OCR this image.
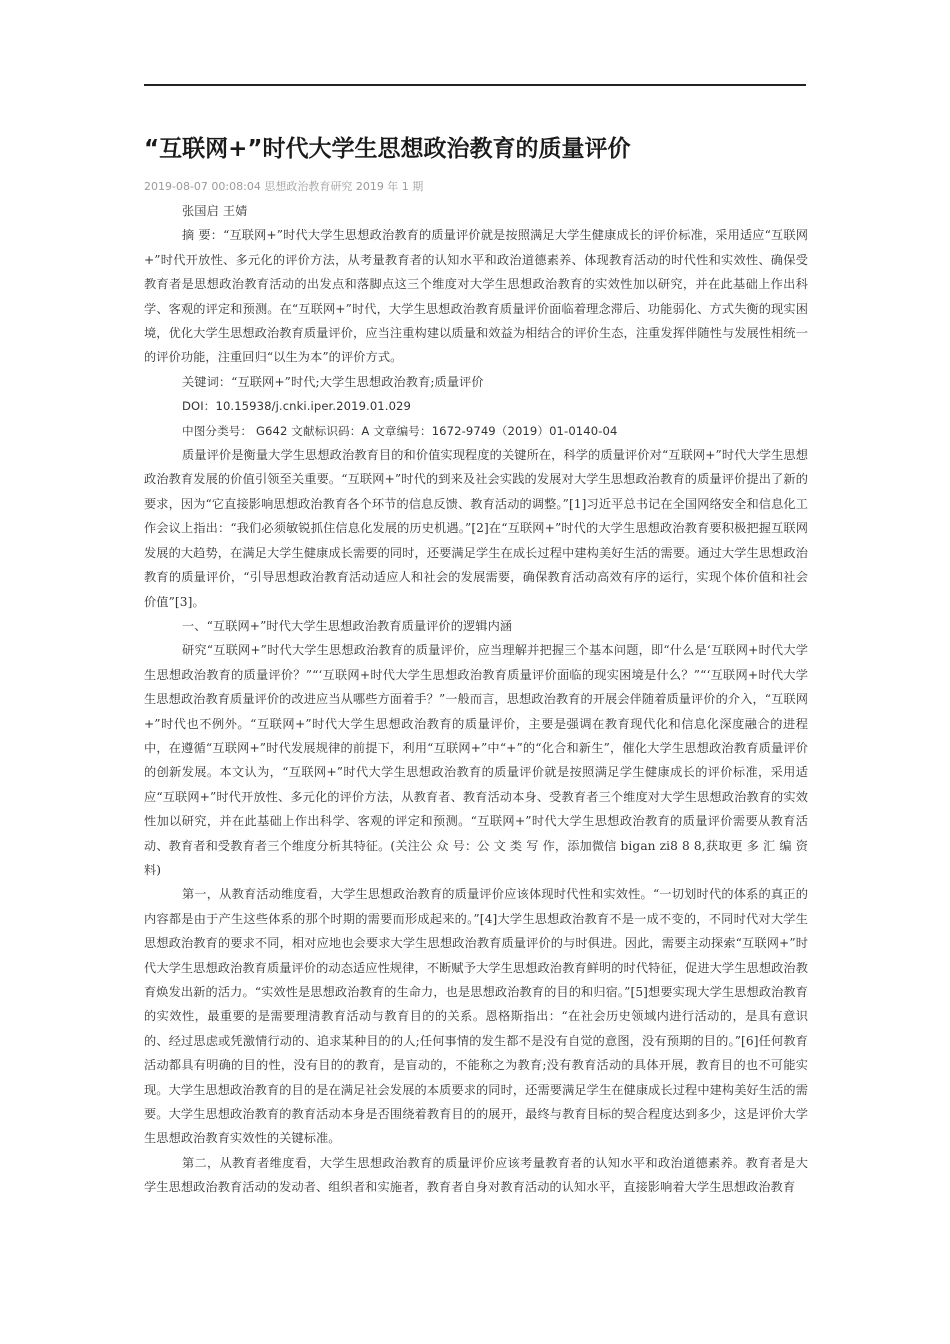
“互联网+”时代大学生思想政治教育的质量评价
2019-08-07 00:08:04 思想政治教育研究 2019 年 1 期

张国启 王婧

摘 要：“互联网+”时代大学生思想政治教育的质量评价就是按照满足大学生健康成长的评价标准，采用适应“互联网+”时代开放性、多元化的评价方法，从考量教育者的认知水平和政治道德素养、体现教育活动的时代性和实效性、确保受教育者是思想政治教育活动的出发点和落脚点这三个维度对大学生思想政治教育的实效性加以研究，并在此基础上作出科学、客观的评定和预测。在“互联网+”时代，大学生思想政治教育质量评价面临着理念滞后、功能弱化、方式失衡的现实困境，优化大学生思想政治教育质量评价，应当注重构建以质量和效益为相结合的评价生态，注重发挥伴随性与发展性相统一的评价功能，注重回归“以生为本”的评价方式。

关键词：“互联网+”时代;大学生思想政治教育;质量评价

DOI：10.15938/j.cnki.iper.2019.01.029

中图分类号： G642 文献标识码：A 文章编号：1672-9749（2019）01-0140-04

质量评价是衡量大学生思想政治教育目的和价值实现程度的关键所在，科学的质量评价对“互联网+”时代大学生思想政治教育发展的价值引领至关重要。“互联网+”时代的到来及社会实践的发展对大学生思想政治教育的质量评价提出了新的要求，因为“它直接影响思想政治教育各个环节的信息反馈、教育活动的调整。”[1]习近平总书记在全国网络安全和信息化工作会议上指出：“我们必须敏锐抓住信息化发展的历史机遇。”[2]在“互联网+”时代的大学生思想政治教育要积极把握互联网发展的大趋势，在满足大学生健康成长需要的同时，还要满足学生在成长过程中建构美好生活的需要。通过大学生思想政治教育的质量评价，“引导思想政治教育活动适应人和社会的发展需要，确保教育活动高效有序的运行，实现个体价值和社会价值”[3]。

一、“互联网+”时代大学生思想政治教育质量评价的逻辑内涵

研究“互联网+”时代大学生思想政治教育的质量评价，应当理解并把握三个基本问题，即“什么是‘互联网+时代大学生思想政治教育的质量评价？”“‘互联网+时代大学生思想政治教育质量评价面临的现实困境是什么？”“‘互联网+时代大学生思想政治教育质量评价的改进应当从哪些方面着手？”一般而言，思想政治教育的开展会伴随着质量评价的介入，“互联网+”时代也不例外。“互联网+”时代大学生思想政治教育的质量评价，主要是强调在教育现代化和信息化深度融合的进程中，在遵循“互联网+”时代发展规律的前提下，利用“互联网+”中“+”的“化合和新生”，催化大学生思想政治教育质量评价的创新发展。本文认为，“互联网+”时代大学生思想政治教育的质量评价就是按照满足学生健康成长的评价标准，采用适应“互联网+”时代开放性、多元化的评价方法，从教育者、教育活动本身、受教育者三个维度对大学生思想政治教育的实效性加以研究，并在此基础上作出科学、客观的评定和预测。“互联网+”时代大学生思想政治教育的质量评价需要从教育活动、教育者和受教育者三个维度分析其特征。(关注公 众 号：公 文 类 写 作，添加微信 bigan zi8 8 8,获取更 多 汇 编 资料)

第一，从教育活动维度看，大学生思想政治教育的质量评价应该体现时代性和实效性。“一切划时代的体系的真正的内容都是由于产生这些体系的那个时期的需要而形成起来的。”[4]大学生思想政治教育不是一成不变的，不同时代对大学生思想政治教育的要求不同，相对应地也会要求大学生思想政治教育质量评价的与时俱进。因此，需要主动探索“互联网+”时代大学生思想政治教育质量评价的动态适应性规律，不断赋予大学生思想政治教育鲜明的时代特征，促进大学生思想政治教育焕发出新的活力。“实效性是思想政治教育的生命力，也是思想政治教育的目的和归宿。”[5]想要实现大学生思想政治教育的实效性，最重要的是需要理清教育活动与教育目的的关系。恩格斯指出：“在社会历史领域内进行活动的，是具有意识的、经过思虑或凭激情行动的、追求某种目的的人;任何事情的发生都不是没有自觉的意图，没有预期的目的。”[6]任何教育活动都具有明确的目的性，没有目的的教育，是盲动的，不能称之为教育;没有教育活动的具体开展，教育目的也不可能实现。大学生思想政治教育的目的是在满足社会发展的本质要求的同时，还需要满足学生在健康成长过程中建构美好生活的需要。大学生思想政治教育的教育活动本身是否围绕着教育目的的展开，最终与教育目标的契合程度达到多少，这是评价大学生思想政治教育实效性的关键标准。

第二，从教育者维度看，大学生思想政治教育的质量评价应该考量教育者的认知水平和政治道德素养。教育者是大学生思想政治教育活动的发动者、组织者和实施者，教育者自身对教育活动的认知水平，直接影响着大学生思想政治教育
